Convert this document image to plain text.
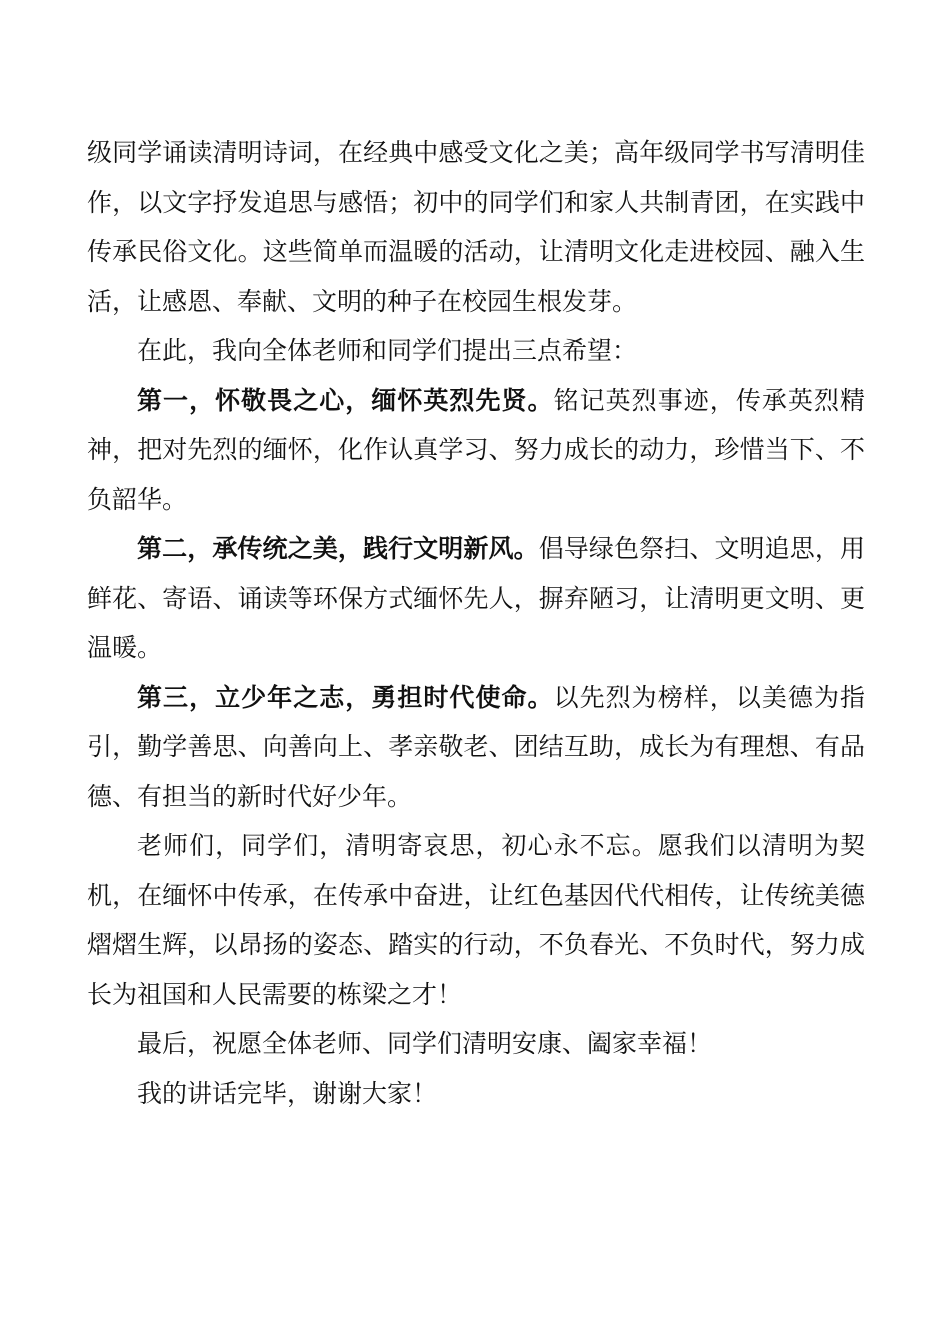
级同学诵读清明诗词，在经典中感受文化之美；高年级同学书写清明佳作，以文字抒发追思与感悟；初中的同学们和家人共制青团，在实践中传承民俗文化。这些简单而温暖的活动，让清明文化走进校园、融入生活，让感恩、奉献、文明的种子在校园生根发芽。

在此，我向全体老师和同学们提出三点希望：

第一，怀敬畏之心，缅怀英烈先贤。铭记英烈事迹，传承英烈精神，把对先烈的缅怀，化作认真学习、努力成长的动力，珍惜当下、不负韶华。

第二，承传统之美，践行文明新风。倡导绿色祭扫、文明追思，用鲜花、寄语、诵读等环保方式缅怀先人，摒弃陋习，让清明更文明、更温暖。

第三，立少年之志，勇担时代使命。以先烈为榜样，以美德为指引，勤学善思、向善向上、孝亲敬老、团结互助，成长为有理想、有品德、有担当的新时代好少年。

老师们，同学们，清明寄哀思，初心永不忘。愿我们以清明为契机，在缅怀中传承，在传承中奋进，让红色基因代代相传，让传统美德熠熠生辉，以昂扬的姿态、踏实的行动，不负春光、不负时代，努力成长为祖国和人民需要的栋梁之才！

最后，祝愿全体老师、同学们清明安康、阖家幸福！

我的讲话完毕，谢谢大家！
